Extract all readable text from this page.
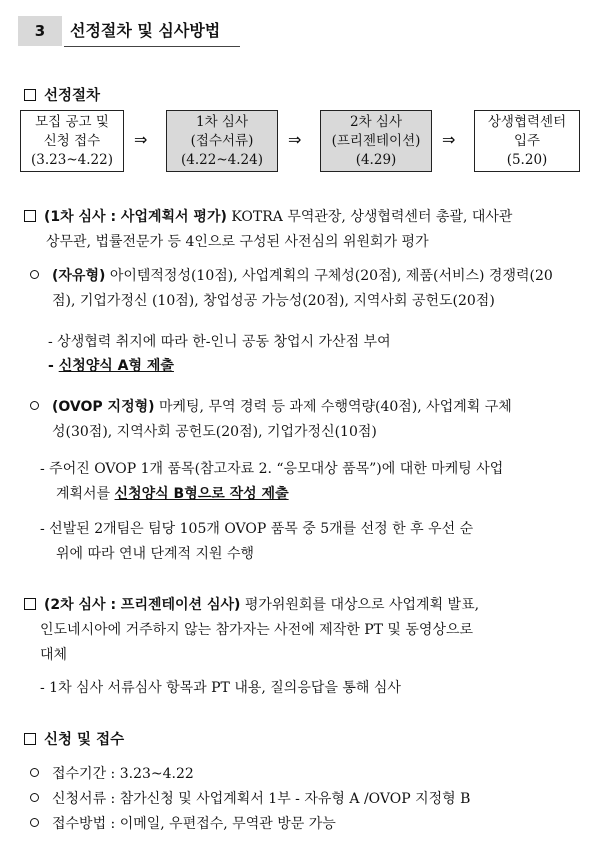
3	선정절차 및 심사방법
선정절차
모집 공고 및
신청 접수
(3.23~4.22)
⇒
1차 심사
(접수서류)
(4.22~4.24)
⇒
2차 심사
(프리젠테이션)
(4.29)
⇒
상생협력센터
입주
(5.20)
(1차 심사 : 사업계획서 평가) KOTRA 무역관장, 상생협력센터 총괄, 대사관
상무관, 법률전문가 등 4인으로 구성된 사전심의 위원회가 평가
(자유형) 아이템적정성(10점), 사업계획의 구체성(20점), 제품(서비스) 경쟁력(20
점), 기업가정신 (10점), 창업성공 가능성(20점), 지역사회 공헌도(20점)
- 상생협력 취지에 따라 한-인니 공동 창업시 가산점 부여
- 신청양식 A형 제출
(OVOP 지정형) 마케팅, 무역 경력 등 과제 수행역량(40점), 사업계획 구체
성(30점), 지역사회 공헌도(20점), 기업가정신(10점)
- 주어진 OVOP 1개 품목(참고자료 2. “응모대상 품목”)에 대한 마케팅 사업
계획서를 신청양식 B형으로 작성 제출
- 선발된 2개팀은 팀당 105개 OVOP 품목 중 5개를 선정 한 후 우선 순
위에 따라 연내 단계적 지원 수행
(2차 심사 : 프리젠테이션 심사) 평가위원회를 대상으로 사업계획 발표,
인도네시아에 거주하지 않는 참가자는 사전에 제작한 PT 및 동영상으로
대체
- 1차 심사 서류심사 항목과 PT 내용, 질의응답을 통해 심사
신청 및 접수
접수기간 : 3.23~4.22
신청서류 : 참가신청 및 사업계획서 1부 - 자유형 A /OVOP 지정형 B
접수방법 : 이메일, 우편접수, 무역관 방문 가능
